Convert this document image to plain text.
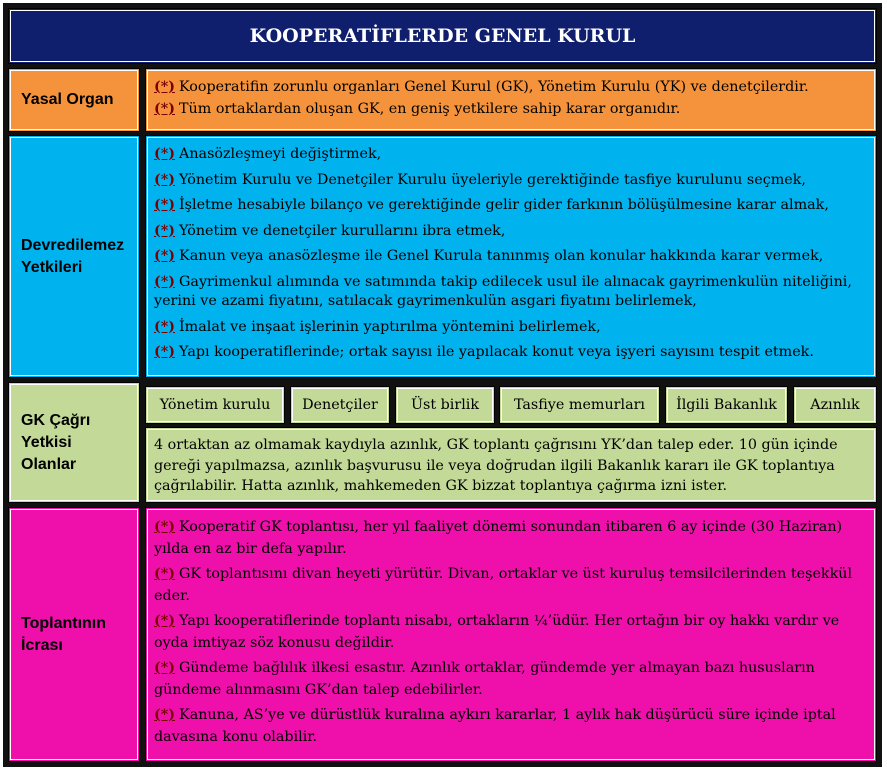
KOOPERATİFLERDE GENEL KURUL
Yasal Organ
(*) Kooperatifin zorunlu organları Genel Kurul (GK), Yönetim Kurulu (YK) ve denetçilerdir.
(*) Tüm ortaklardan oluşan GK, en geniş yetkilere sahip karar organıdır.
Devredilemez Yetkileri
(*) Anasözleşmeyi değiştirmek,
(*) Yönetim Kurulu ve Denetçiler Kurulu üyeleriyle gerektiğinde tasfiye kurulunu seçmek,
(*) İşletme hesabiyle bilanço ve gerektiğinde gelir gider farkının bölüşülmesine karar almak,
(*) Yönetim ve denetçiler kurullarını ibra etmek,
(*) Kanun veya anasözleşme ile Genel Kurula tanınmış olan konular hakkında karar vermek,
(*) Gayrimenkul alımında ve satımında takip edilecek usul ile alınacak gayrimenkulün niteliğini, yerini ve azami fiyatını, satılacak gayrimenkulün asgari fiyatını belirlemek,
(*) İmalat ve inşaat işlerinin yaptırılma yöntemini belirlemek,
(*) Yapı kooperatiflerinde; ortak sayısı ile yapılacak konut veya işyeri sayısını tespit etmek.
GK Çağrı Yetkisi Olanlar
Yönetim kurulu Denetçiler Üst birlik Tasfiye memurları İlgili Bakanlık Azınlık
4 ortaktan az olmamak kaydıyla azınlık, GK toplantı çağrısını YK’dan talep eder. 10 gün içinde gereği yapılmazsa, azınlık başvurusu ile veya doğrudan ilgili Bakanlık kararı ile GK toplantıya çağrılabilir. Hatta azınlık, mahkemeden GK bizzat toplantıya çağırma izni ister.
Toplantının İcrası
(*) Kooperatif GK toplantısı, her yıl faaliyet dönemi sonundan itibaren 6 ay içinde (30 Haziran) yılda en az bir defa yapılır.
(*) GK toplantısını divan heyeti yürütür. Divan, ortaklar ve üst kuruluş temsilcilerinden teşekkül eder.
(*) Yapı kooperatiflerinde toplantı nisabı, ortakların ¼’üdür. Her ortağın bir oy hakkı vardır ve oyda imtiyaz söz konusu değildir.
(*) Gündeme bağlılık ilkesi esastır. Azınlık ortaklar, gündemde yer almayan bazı hususların gündeme alınmasını GK’dan talep edebilirler.
(*) Kanuna, AS’ye ve dürüstlük kuralına aykırı kararlar, 1 aylık hak düşürücü süre içinde iptal davasına konu olabilir.
